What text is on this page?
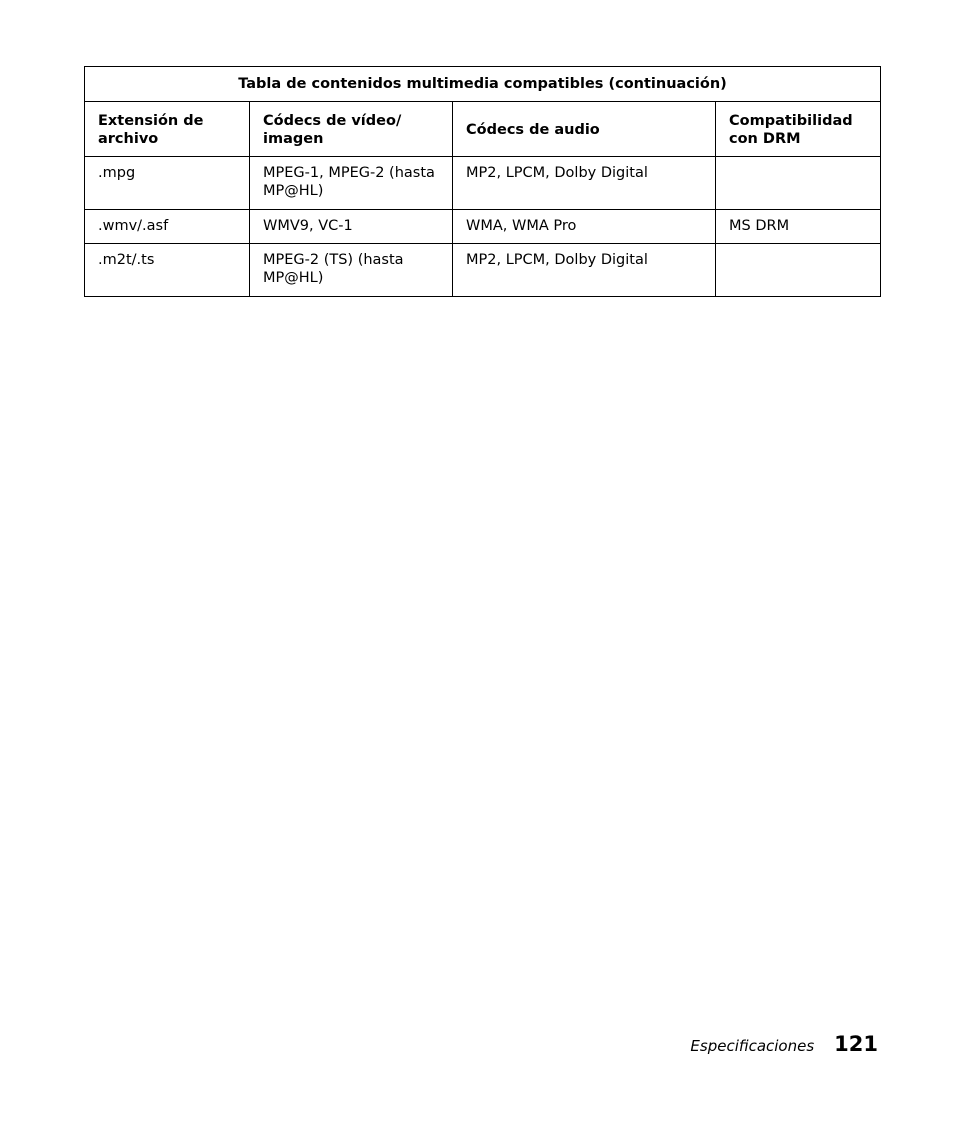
Tabla de contenidos multimedia compatibles (continuación)			
Extensión de archivo	Códecs de vídeo/ imagen	Códecs de audio	Compatibilidad con DRM
.mpg	MPEG-1, MPEG-2 (hasta MP@HL)	MP2, LPCM, Dolby Digital	
.wmv/.asf	WMV9, VC-1	WMA, WMA Pro	MS DRM
.m2t/.ts	MPEG-2 (TS) (hasta MP@HL)	MP2, LPCM, Dolby Digital	
Especificaciones 121
